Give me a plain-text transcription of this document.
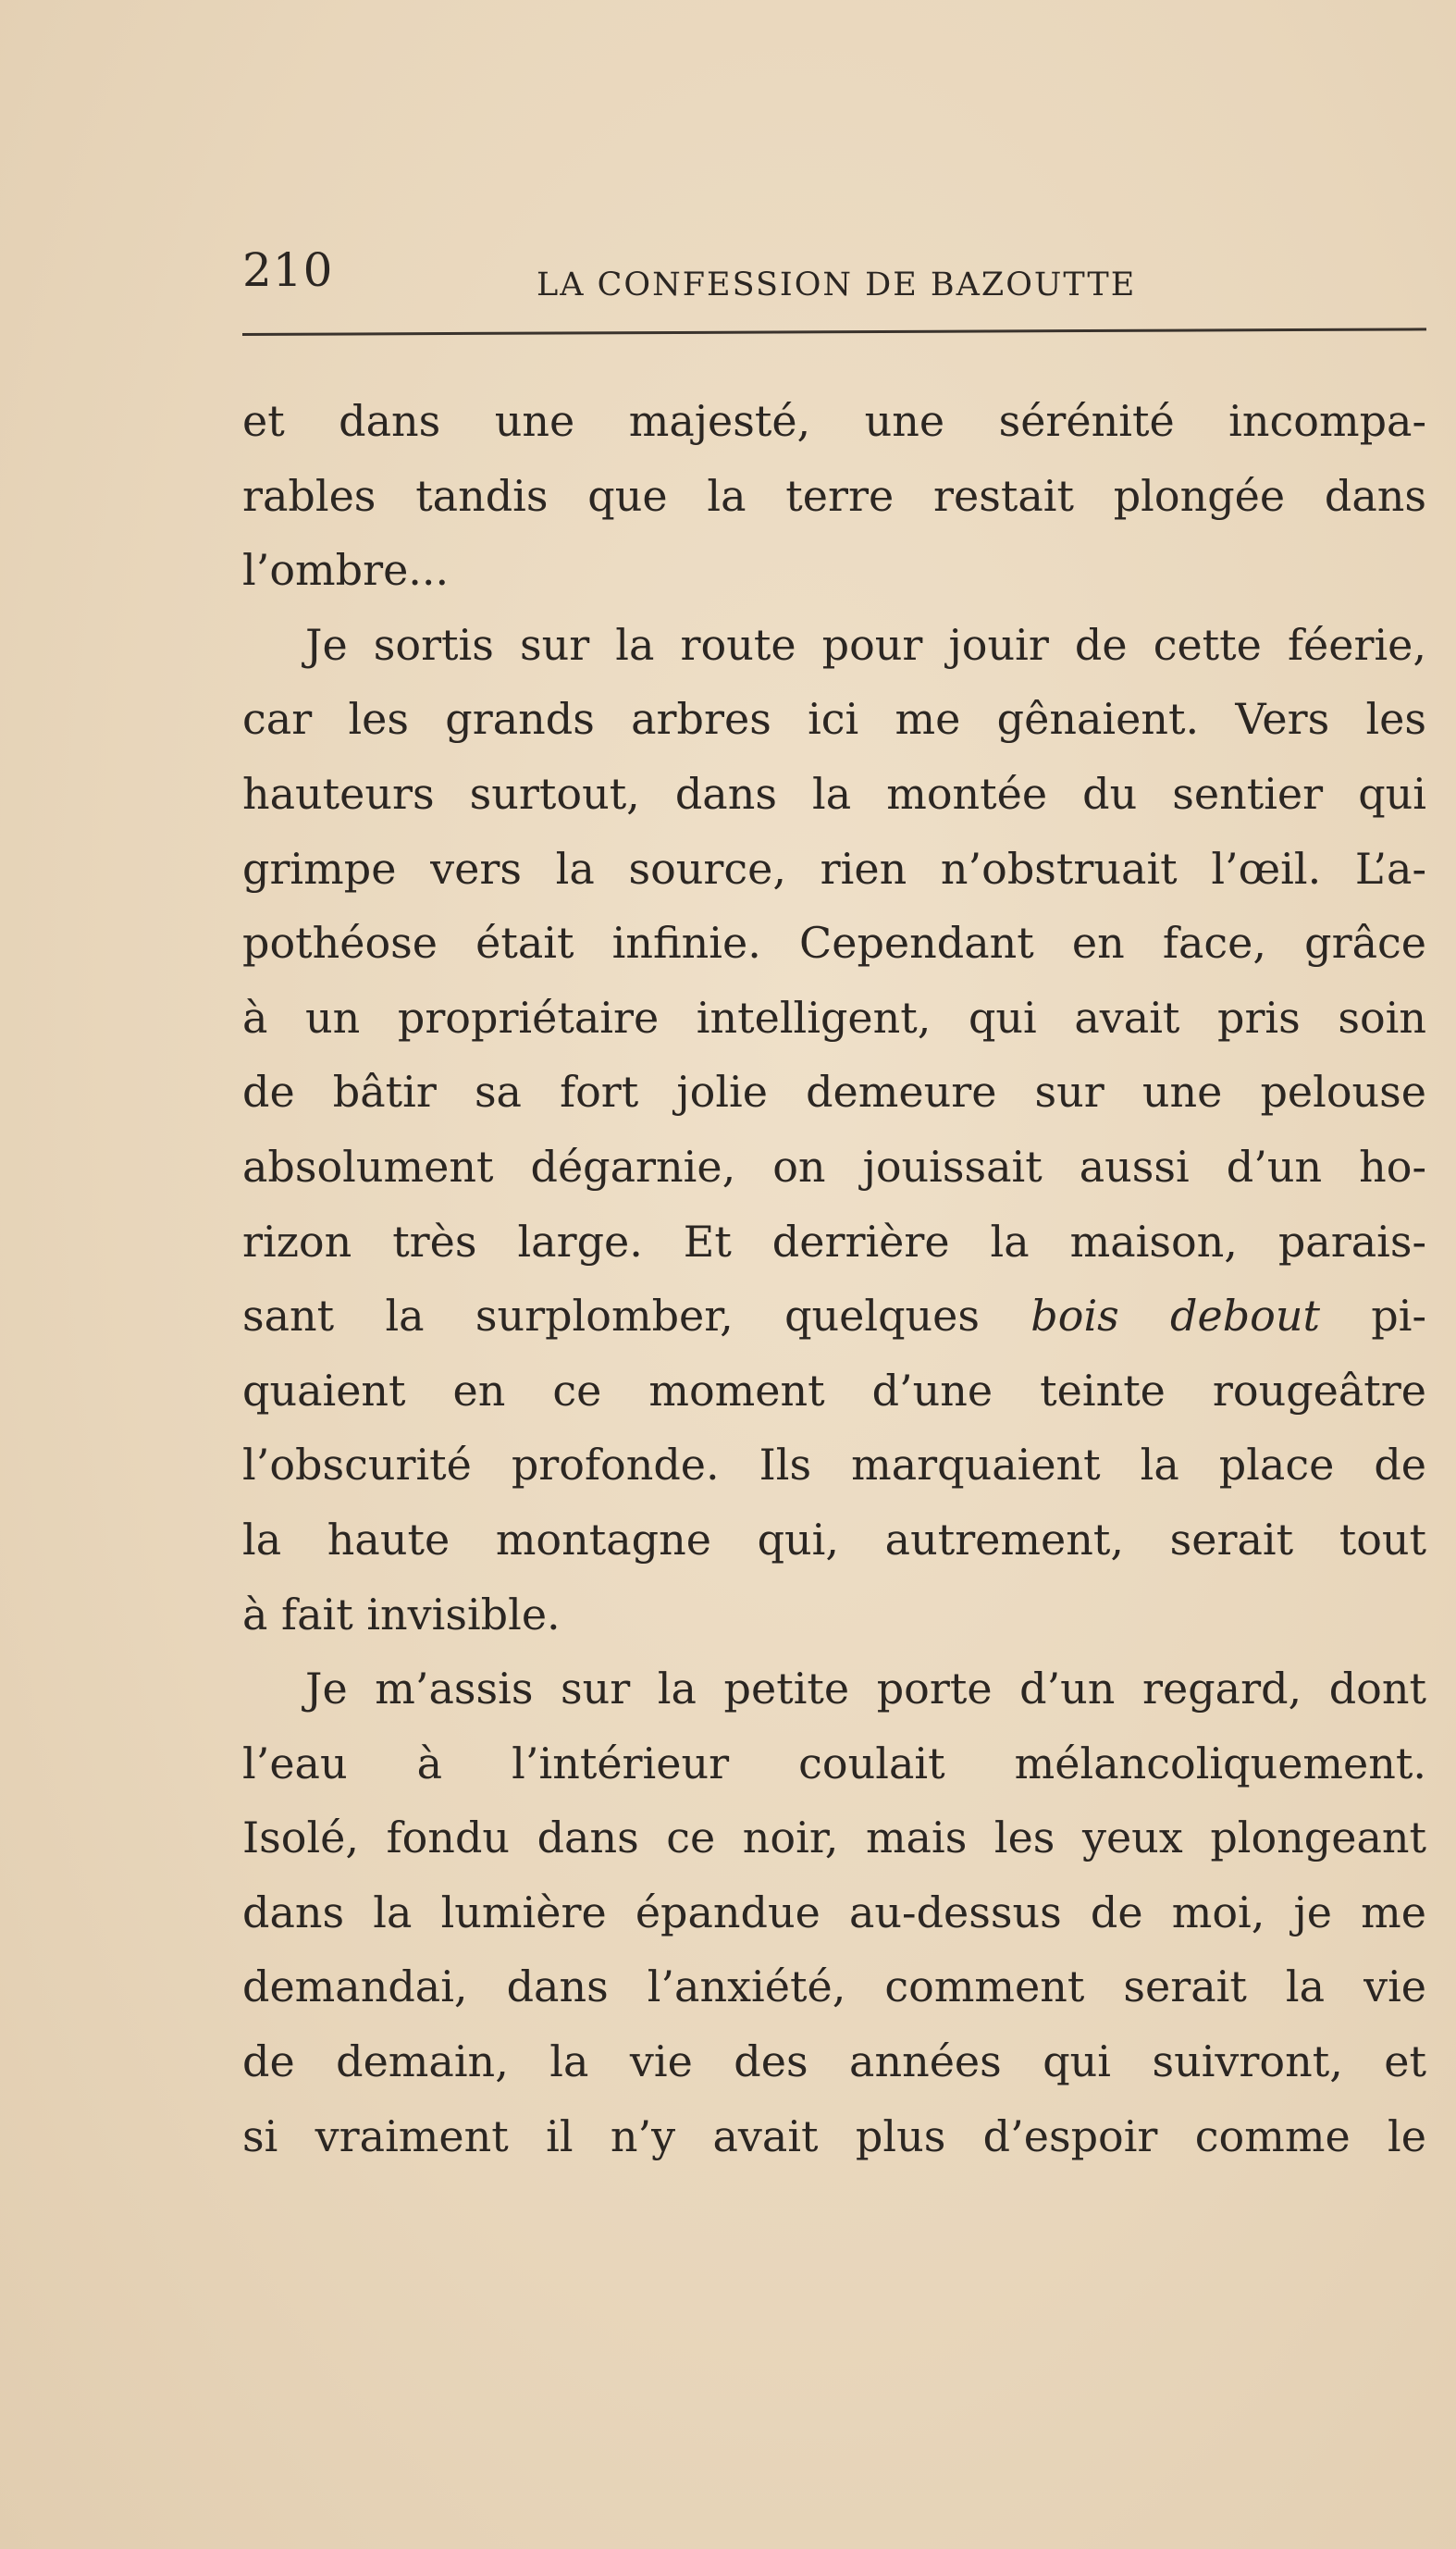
210	LA CONFESSION DE BAZOUTTE
et dans une majesté, une sérénité incompa-
rables tandis que la terre restait plongée dans
l’ombre...
Je sortis sur la route pour jouir de cette féerie,
car les grands arbres ici me gênaient. Vers les
hauteurs surtout, dans la montée du sentier qui
grimpe vers la source, rien n’obstruait l’œil. L’a-
pothéose était infinie. Cependant en face, grâce
à un propriétaire intelligent, qui avait pris soin
de bâtir sa fort jolie demeure sur une pelouse
absolument dégarnie, on jouissait aussi d’un ho-
rizon très large. Et derrière la maison, parais-
sant la surplomber, quelques bois debout pi-
quaient en ce moment d’une teinte rougeâtre
l’obscurité profonde. Ils marquaient la place de
la haute montagne qui, autrement, serait tout
à fait invisible.
Je m’assis sur la petite porte d’un regard, dont
l’eau à l’intérieur coulait mélancoliquement.
Isolé, fondu dans ce noir, mais les yeux plongeant
dans la lumière épandue au-dessus de moi, je me
demandai, dans l’anxiété, comment serait la vie
de demain, la vie des années qui suivront, et
si vraiment il n’y avait plus d’espoir comme le
